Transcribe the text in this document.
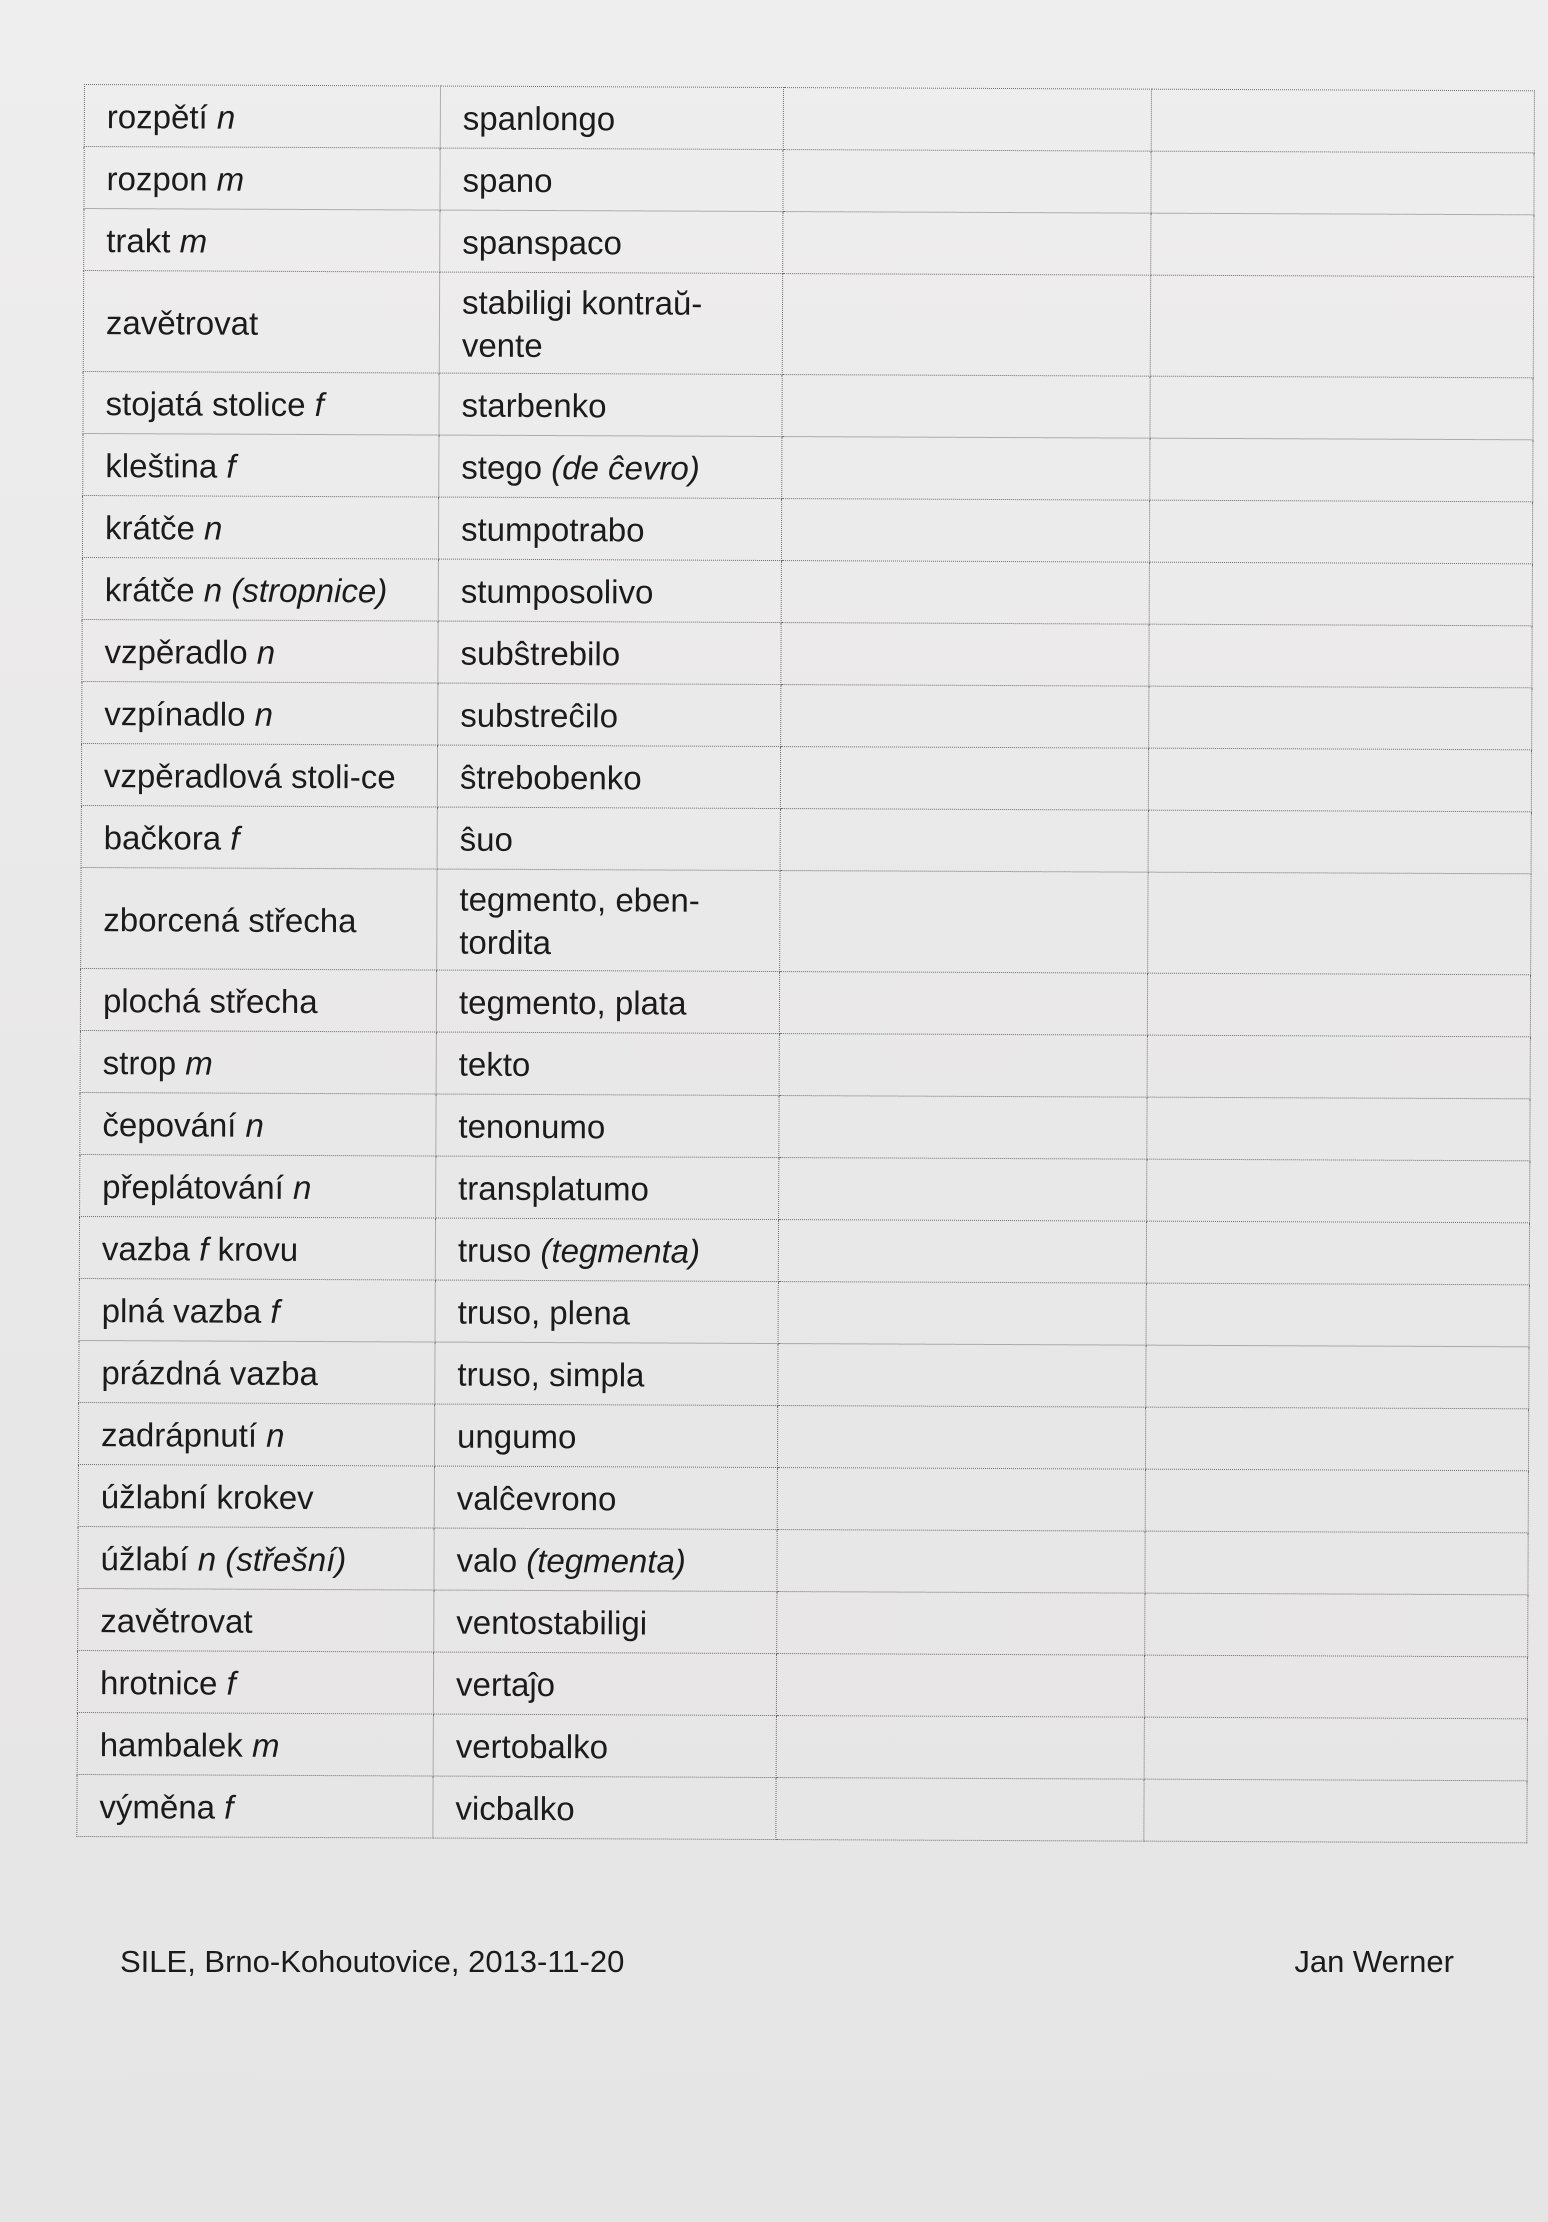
​
rozpětí n	spanlongo		
rozpon m	spano		
trakt m	spanspaco		
zavětrovat	stabiligi kontraŭ-vente		
stojatá stolice f	starbenko		
kleština f	stego (de ĉevro)		
krátče n	stumpotrabo		
krátče n (stropnice)	stumposolivo		
vzpěradlo n	subŝtrebilo		
vzpínadlo n	substreĉilo		
vzpěradlová stoli-ce	ŝtrebobenko		
bačkora f	ŝuo		
zborcená střecha	tegmento, eben-tordita		
plochá střecha	tegmento, plata		
strop m	tekto		
čepování n	tenonumo		
přeplátování n	transplatumo		
vazba f krovu	truso (tegmenta)		
plná vazba f	truso, plena		
prázdná vazba	truso, simpla		
zadrápnutí n	ungumo		
úžlabní krokev	valĉevrono		
úžlabí n (střešní)	valo (tegmenta)		
zavětrovat	ventostabiligi		
hrotnice f	vertaĵo		
hambalek m	vertobalko		
výměna f	vicbalko		
SILE, Brno-Kohoutovice, 2013-11-20	Jan Werner
